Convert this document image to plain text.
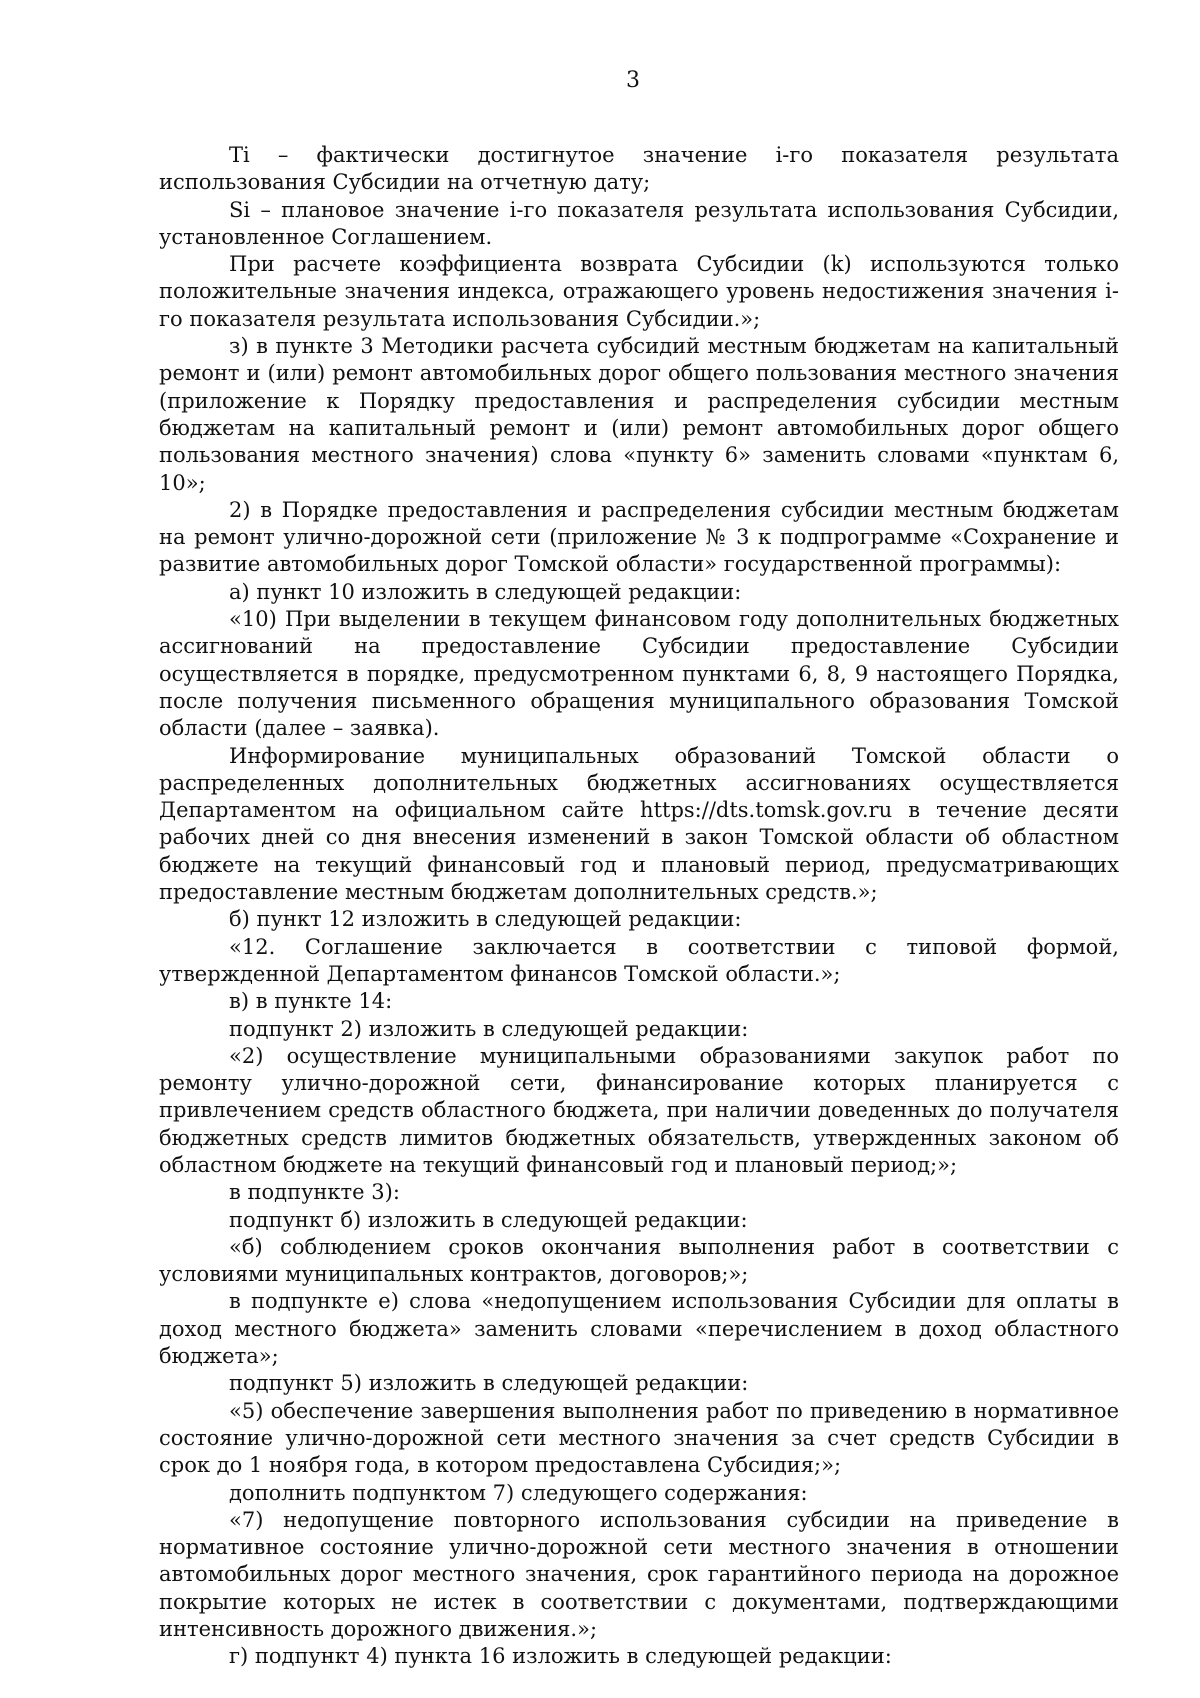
3

Ti – фактически достигнутое значение i-го показателя результата использования Субсидии на отчетную дату;

Si – плановое значение i-го показателя результата использования Субсидии, установленное Соглашением.

При расчете коэффициента возврата Субсидии (k) используются только положительные значения индекса, отражающего уровень недостижения значения i-го показателя результата использования Субсидии.»;

з) в пункте 3 Методики расчета субсидий местным бюджетам на капитальный ремонт и (или) ремонт автомобильных дорог общего пользования местного значения (приложение к Порядку предоставления и распределения субсидии местным бюджетам на капитальный ремонт и (или) ремонт автомобильных дорог общего пользования местного значения) слова «пункту 6» заменить словами «пунктам 6, 10»;

2) в Порядке предоставления и распределения субсидии местным бюджетам на ремонт улично-дорожной сети (приложение № 3 к подпрограмме «Сохранение и развитие автомобильных дорог Томской области» государственной программы):

а) пункт 10 изложить в следующей редакции:

«10) При выделении в текущем финансовом году дополнительных бюджетных ассигнований на предоставление Субсидии предоставление Субсидии осуществляется в порядке, предусмотренном пунктами 6, 8, 9 настоящего Порядка, после получения письменного обращения муниципального образования Томской области (далее – заявка).

Информирование муниципальных образований Томской области о распределенных дополнительных бюджетных ассигнованиях осуществляется Департаментом на официальном сайте https://dts.tomsk.gov.ru в течение десяти рабочих дней со дня внесения изменений в закон Томской области об областном бюджете на текущий финансовый год и плановый период, предусматривающих предоставление местным бюджетам дополнительных средств.»;

б) пункт 12 изложить в следующей редакции:

«12. Соглашение заключается в соответствии с типовой формой, утвержденной Департаментом финансов Томской области.»;

в) в пункте 14:

подпункт 2) изложить в следующей редакции:

«2) осуществление муниципальными образованиями закупок работ по ремонту улично-дорожной сети, финансирование которых планируется с привлечением средств областного бюджета, при наличии доведенных до получателя бюджетных средств лимитов бюджетных обязательств, утвержденных законом об областном бюджете на текущий финансовый год и плановый период;»;

в подпункте 3):

подпункт б) изложить в следующей редакции:

«б) соблюдением сроков окончания выполнения работ в соответствии с условиями муниципальных контрактов, договоров;»;

в подпункте е) слова «недопущением использования Субсидии для оплаты в доход местного бюджета» заменить словами «перечислением в доход областного бюджета»;

подпункт 5) изложить в следующей редакции:

«5) обеспечение завершения выполнения работ по приведению в нормативное состояние улично-дорожной сети местного значения за счет средств Субсидии в срок до 1 ноября года, в котором предоставлена Субсидия;»;

дополнить подпунктом 7) следующего содержания:

«7) недопущение повторного использования субсидии на приведение в нормативное состояние улично-дорожной сети местного значения в отношении автомобильных дорог местного значения, срок гарантийного периода на дорожное покрытие которых не истек в соответствии с документами, подтверждающими интенсивность дорожного движения.»;

г) подпункт 4) пункта 16 изложить в следующей редакции:
